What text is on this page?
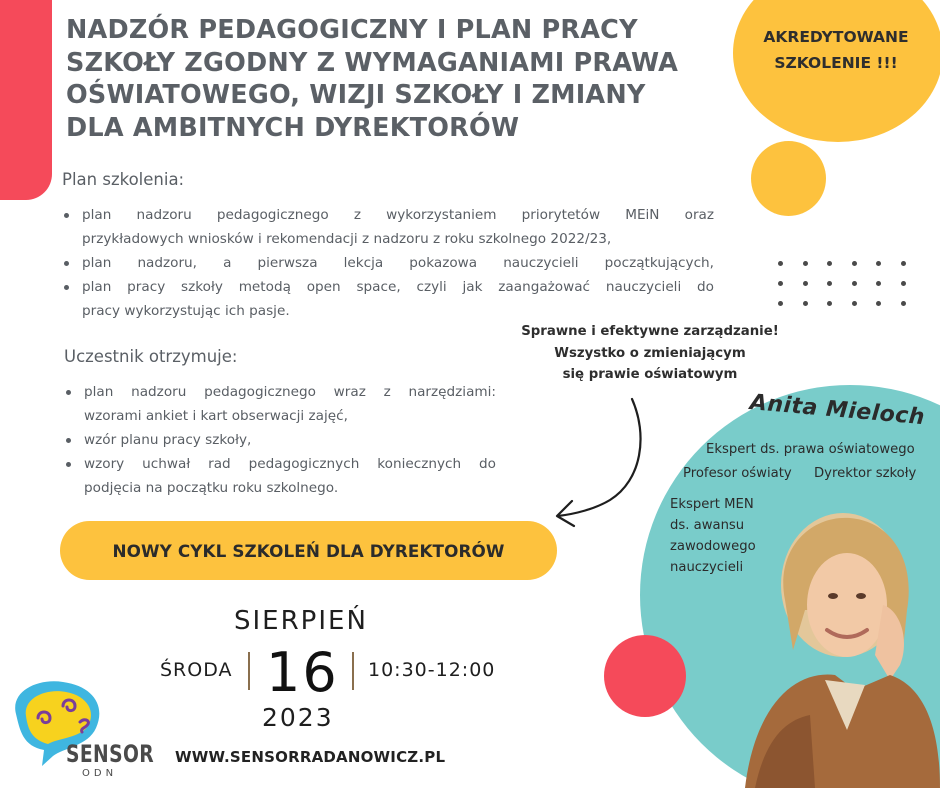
NADZÓR PEDAGOGICZNY I PLAN PRACY
SZKOŁY ZGODNY Z WYMAGANIAMI PRAWA
OŚWIATOWEGO, WIZJI SZKOŁY I ZMIANY
DLA AMBITNYCH DYREKTORÓW
AKREDYTOWANE
SZKOLENIE !!!
Plan szkolenia:
plan nadzoru pedagogicznego z wykorzystaniem priorytetów MEiN oraz
przykładowych wniosków i rekomendacji z nadzoru z roku szkolnego 2022/23,
plan nadzoru, a pierwsza lekcja pokazowa nauczycieli początkujących,
plan pracy szkoły metodą open space, czyli jak zaangażować nauczycieli do
pracy wykorzystując ich pasje.
Uczestnik otrzymuje:
plan nadzoru pedagogicznego wraz z narzędziami:
wzorami ankiet i kart obserwacji zajęć,
wzór planu pracy szkoły,
wzory uchwał rad pedagogicznych koniecznych do
podjęcia na początku roku szkolnego.
NOWY CYKL SZKOLEŃ DLA DYREKTORÓW
Sprawne i efektywne zarządzanie!
Wszystko o zmieniającym
się prawie oświatowym
Anita Mieloch
Ekspert ds. prawa oświatowego
Profesor oświaty Dyrektor szkoły
Ekspert MEN
ds. awansu
zawodowego
nauczycieli
SIERPIEŃ
ŚRODA 16 10:30-12:00
2023
SENSOR
ODN
WWW.SENSORRADANOWICZ.PL
